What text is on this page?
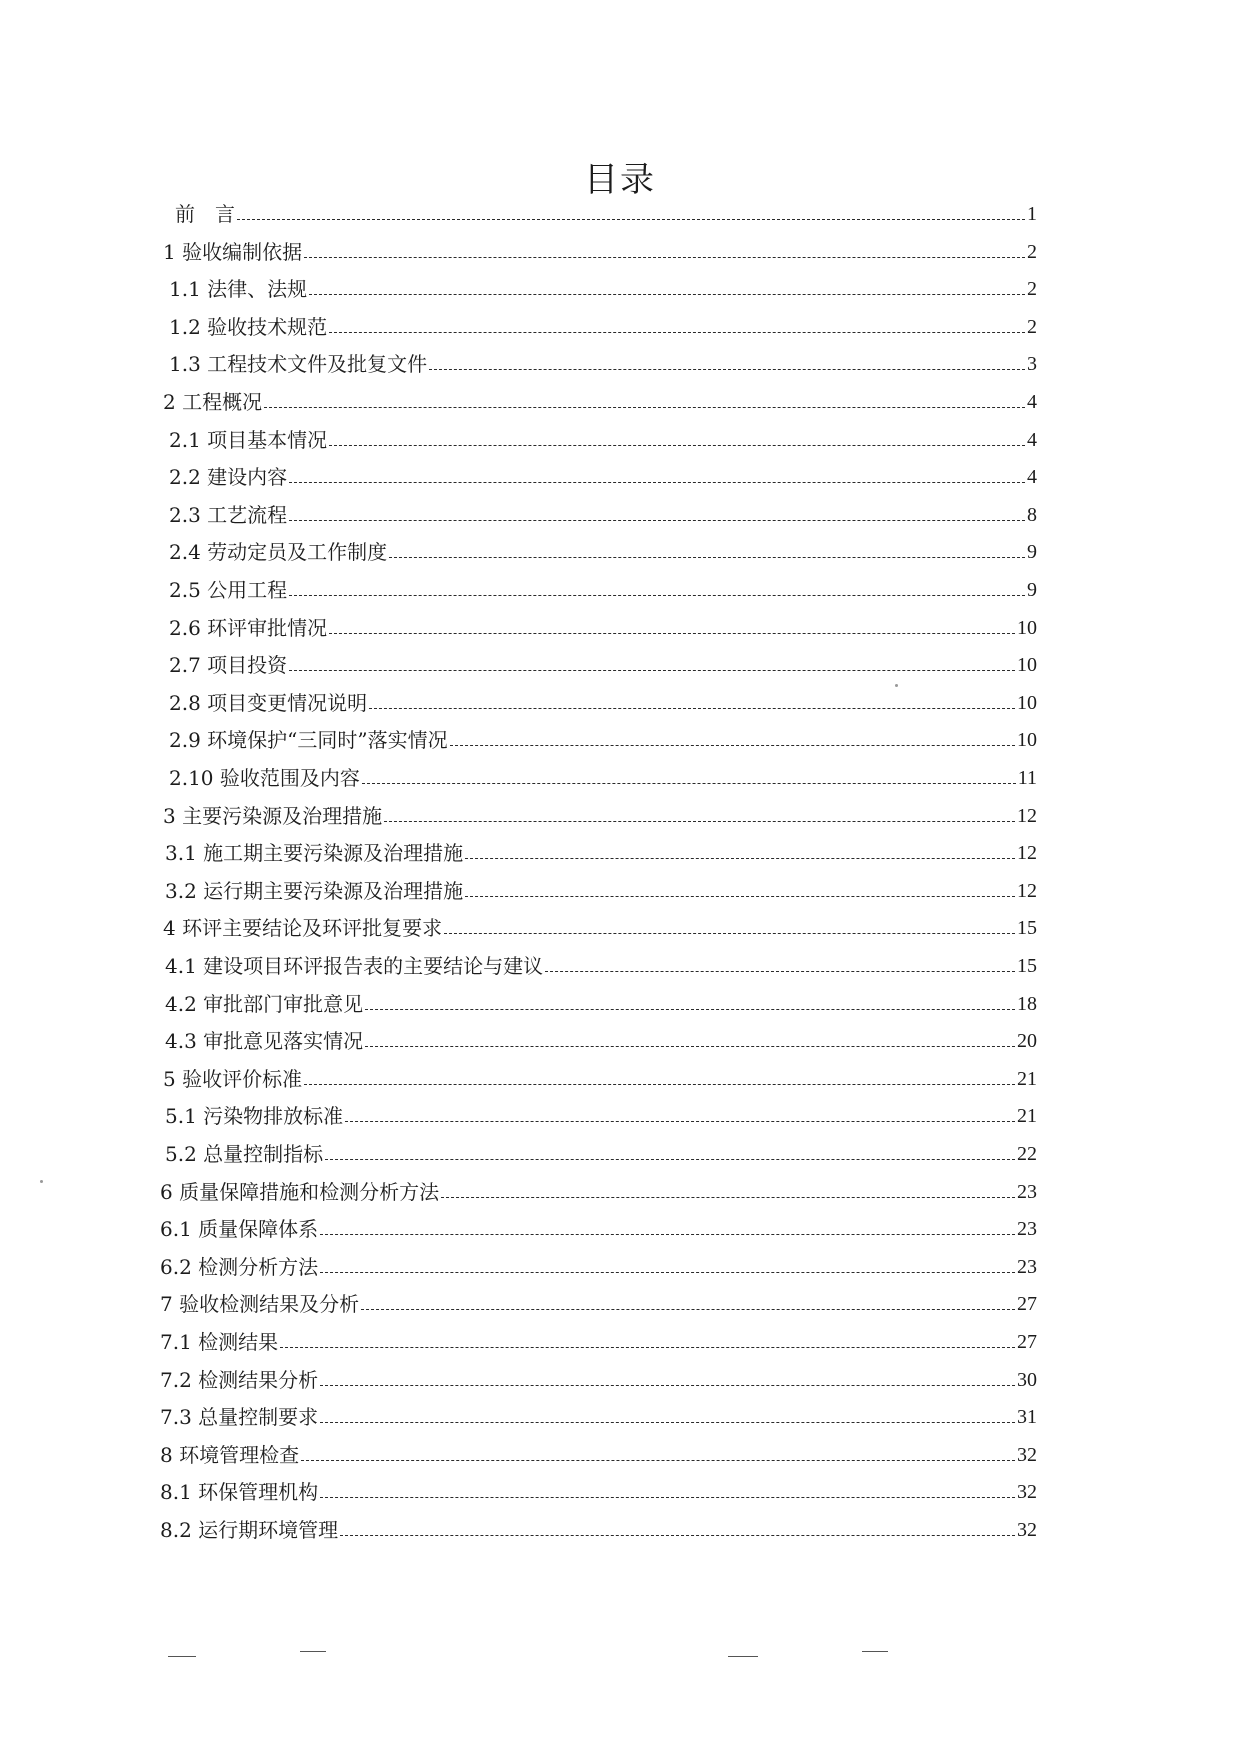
目录
前　言	1
1 验收编制依据	2
1.1 法律、法规	2
1.2 验收技术规范	2
1.3 工程技术文件及批复文件	3
2 工程概况	4
2.1 项目基本情况	4
2.2 建设内容	4
2.3 工艺流程	8
2.4 劳动定员及工作制度	9
2.5 公用工程	9
2.6 环评审批情况	10
2.7 项目投资	10
2.8 项目变更情况说明	10
2.9 环境保护“三同时”落实情况	10
2.10 验收范围及内容	11
3 主要污染源及治理措施	12
3.1 施工期主要污染源及治理措施	12
3.2 运行期主要污染源及治理措施	12
4 环评主要结论及环评批复要求	15
4.1 建设项目环评报告表的主要结论与建议	15
4.2 审批部门审批意见	18
4.3 审批意见落实情况	20
5 验收评价标准	21
5.1 污染物排放标准	21
5.2 总量控制指标	22
6 质量保障措施和检测分析方法	23
6.1 质量保障体系	23
6.2 检测分析方法	23
7 验收检测结果及分析	27
7.1 检测结果	27
7.2 检测结果分析	30
7.3 总量控制要求	31
8 环境管理检查	32
8.1 环保管理机构	32
8.2 运行期环境管理	32
